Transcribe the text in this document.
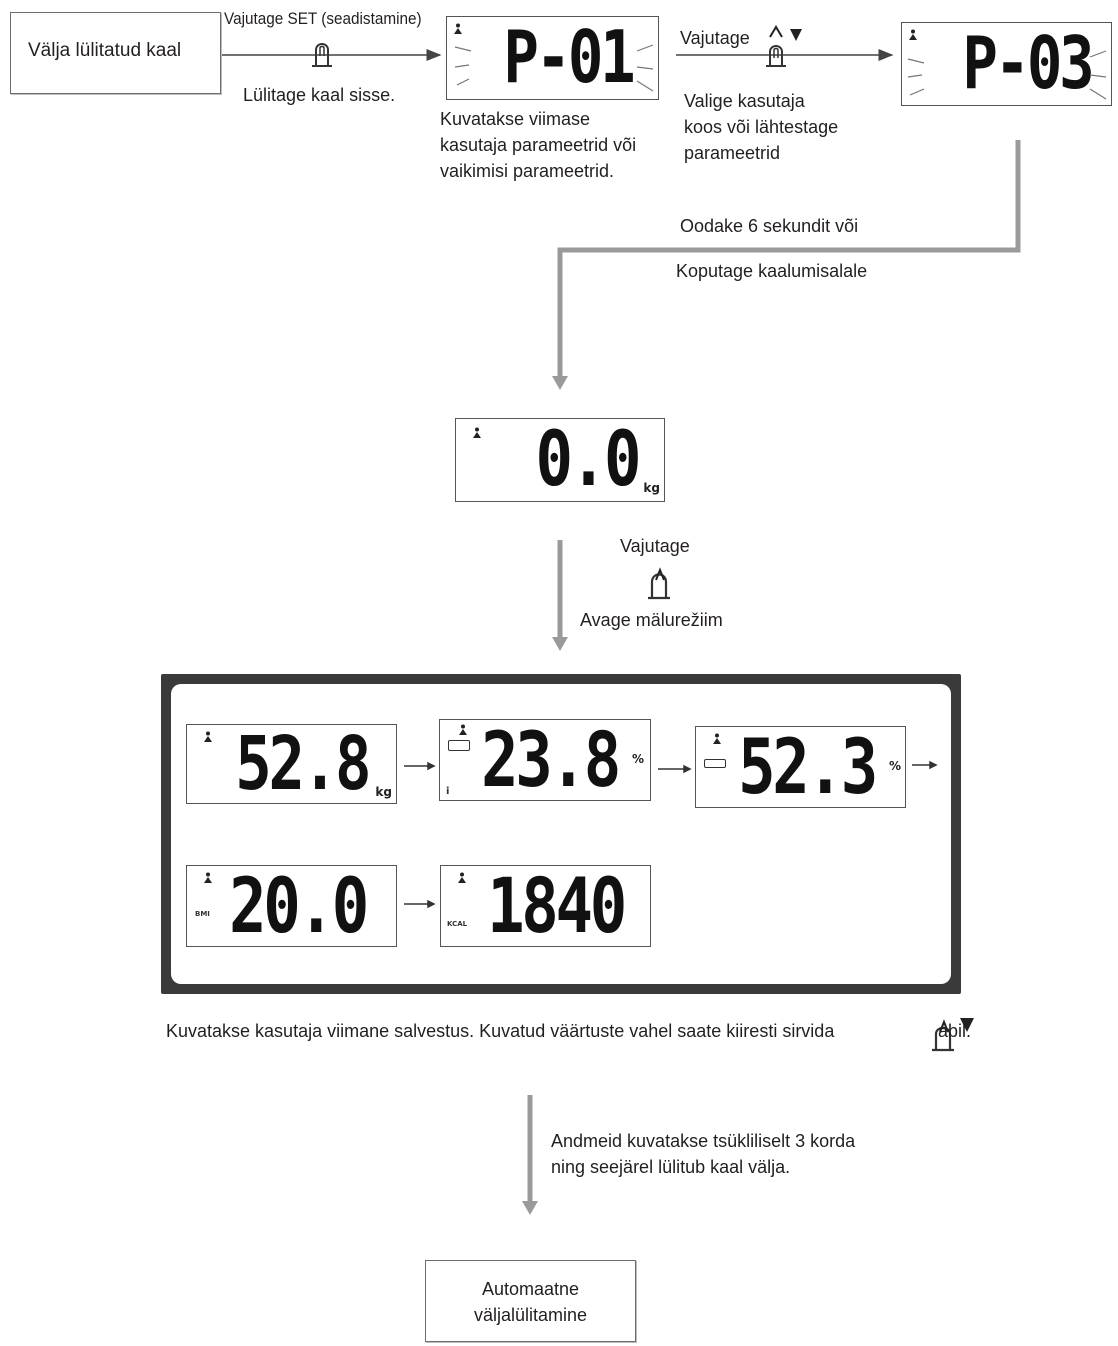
Välja lülitatud kaal
Vajutage SET (seadistamine)
Lülitage kaal sisse. P-01
Kuvatakse viimase
kasutaja parameetrid või
vaikimisi parameetrid.
Vajutage
Valige kasutaja
koos või lähtestage
parameetrid
P-03
Oodake 6 sekundit või
Koputage kaalumisalale
0.0 kg
Vajutage
Avage mälurežiim
52.8 kg	i 23.8 % 52.3 %
BMI 20.0	KCAL 1840
Kuvatakse kasutaja viimane salvestus. Kuvatud väärtuste vahel saate kiiresti sirvida	abil.
Andmeid kuvatakse tsükliliselt 3 korda
ning seejärel lülitub kaal välja.
Automaatne
väljalülitamine
